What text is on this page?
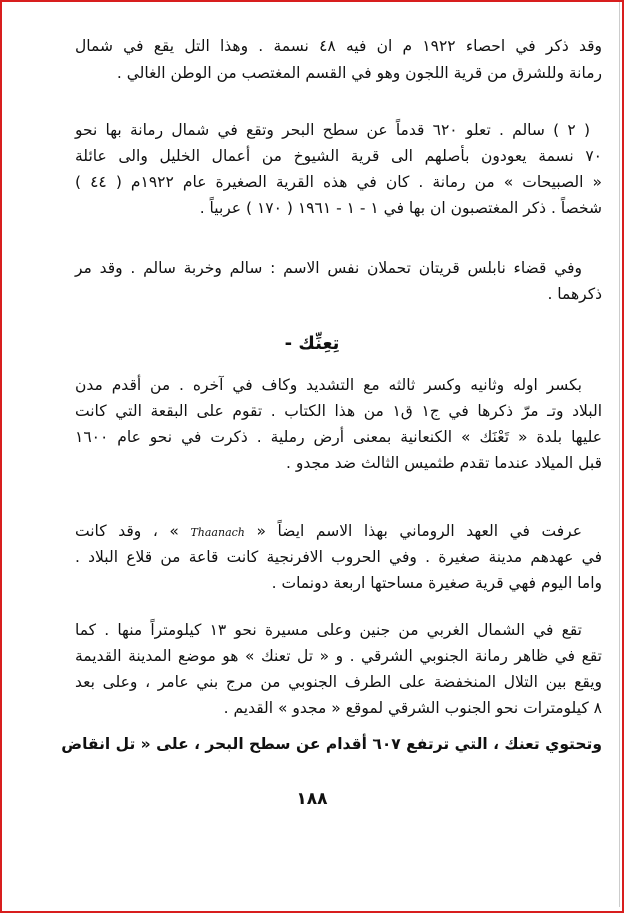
وقد ذكر في احصاء ١٩٢٢ م ان فيه ٤٨ نسمة . وهذا التل يقع في شمال
رمانة وللشرق من قرية اللجون وهو في القسم المغتصب من الوطن الغالي .
( ٢ ) سالم . تعلو ٦٢٠ قدماً عن سطح البحر وتقع في شمال رمانة بها نحو
٧٠ نسمة يعودون بأصلهم الى قرية الشيوخ من أعمال الخليل والى عائلة
« الصبيحات » من رمانة . كان في هذه القرية الصغيرة عام ١٩٢٢م ( ٤٤ )
شخصاً . ذكر المغتصبون ان بها في ١ - ١ - ١٩٦١ ( ١٧٠ ) عربياً .
وفي قضاء نابلس قريتان تحملان نفس الاسم : سالم وخربة سالم . وقد مر
ذكرهما .
تِعِنِّك -
بكسر اوله وثانيه وكسر ثالثه مع التشديد وكاف في آخره . من أقدم مدن
البلاد وتـ مرّ ذكرها في ج١ ق١ من هذا الكتاب . تقوم على البقعة التي كانت
عليها بلدة « تَعْنَك » الكنعانية بمعنى أرض رملية . ذكرت في نحو عام ١٦٠٠
قبل الميلاد عندما تقدم طثميس الثالث ضد مجدو .
عرفت في العهد الروماني بهذا الاسم ايضاً « Thaanach » ، وقد كانت
في عهدهم مدينة صغيرة . وفي الحروب الافرنجية كانت قاعة من قلاع البلاد .
واما اليوم فهي قرية صغيرة مساحتها اربعة دونمات .
تقع في الشمال الغربي من جنين وعلى مسيرة نحو ١٣ كيلومتراً منها . كما
تقع في ظاهر رمانة الجنوبي الشرقي . و « تل تعنك » هو موضع المدينة القديمة
ويقع بين التلال المنخفضة على الطرف الجنوبي من مرج بني عامر ، وعلى بعد
٨ كيلومترات نحو الجنوب الشرقي لموقع « مجدو » القديم .
وتحتوي تعنك ، التي ترتفع ٦٠٧ أقدام عن سطح البحر ، على « تل انقاض
١٨٨
